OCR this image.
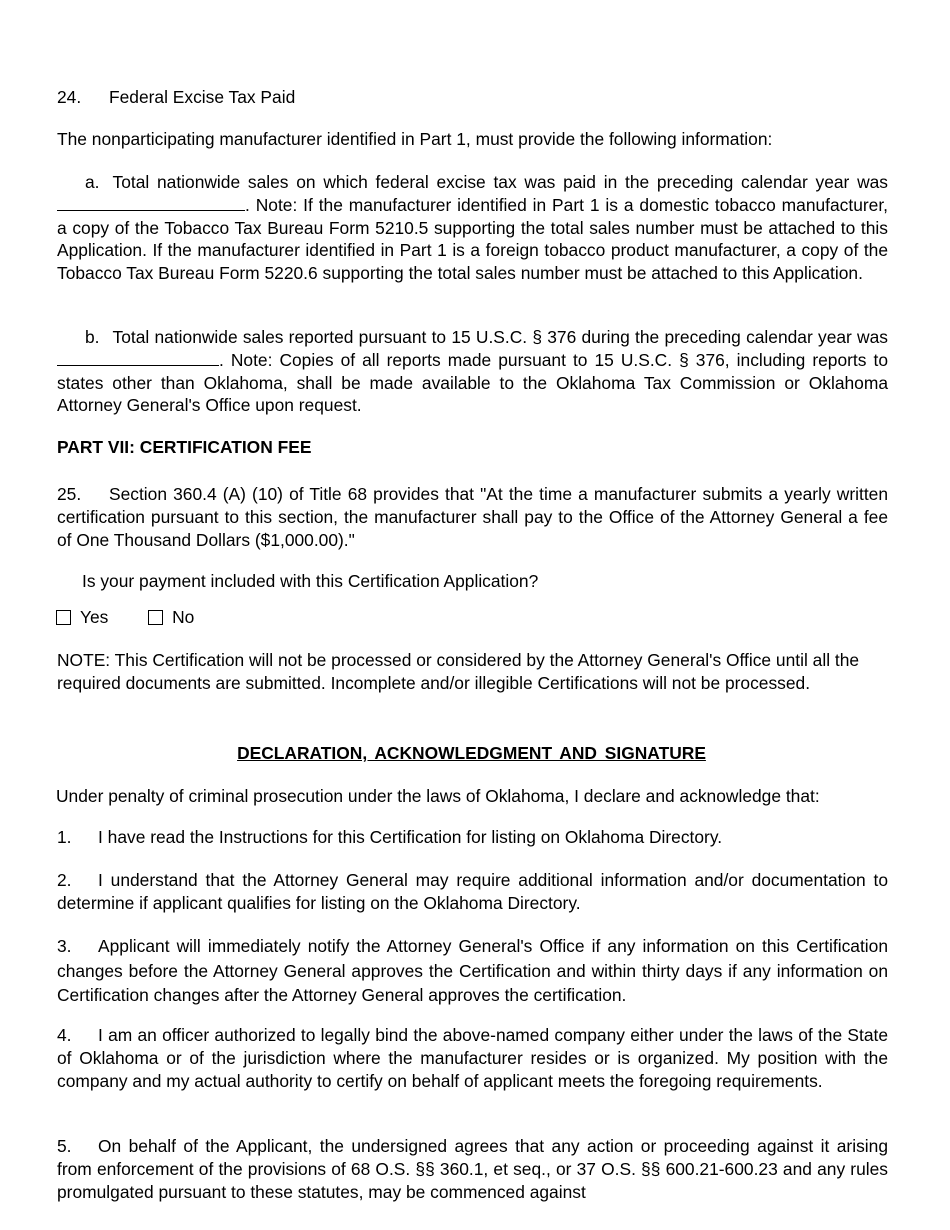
24. Federal Excise Tax Paid
The nonparticipating manufacturer identified in Part 1, must provide the following information:
a. Total nationwide sales on which federal excise tax was paid in the preceding calendar year was . Note: If the manufacturer identified in Part 1 is a domestic tobacco manufacturer, a copy of the Tobacco Tax Bureau Form 5210.5 supporting the total sales number must be attached to this Application. If the manufacturer identified in Part 1 is a foreign tobacco product manufacturer, a copy of the Tobacco Tax Bureau Form 5220.6 supporting the total sales number must be attached to this Application.
b. Total nationwide sales reported pursuant to 15 U.S.C. § 376 during the preceding calendar year was. Note: Copies of all reports made pursuant to 15 U.S.C. § 376, including reports to states other than Oklahoma, shall be made available to the Oklahoma Tax Commission or Oklahoma Attorney General's Office upon request.
PART VII: CERTIFICATION FEE
25. Section 360.4 (A) (10) of Title 68 provides that "At the time a manufacturer submits a yearly written certification pursuant to this section, the manufacturer shall pay to the Office of the Attorney General a fee of One Thousand Dollars ($1,000.00)."
Is your payment included with this Certification Application?
Yes	No
NOTE: This Certification will not be processed or considered by the Attorney General's Office until all the required documents are submitted. Incomplete and/or illegible Certifications will not be processed.
DECLARATION, ACKNOWLEDGMENT AND SIGNATURE
Under penalty of criminal prosecution under the laws of Oklahoma, I declare and acknowledge that:
1. I have read the Instructions for this Certification for listing on Oklahoma Directory.
2. I understand that the Attorney General may require additional information and/or documentation to determine if applicant qualifies for listing on the Oklahoma Directory.
3. Applicant will immediately notify the Attorney General's Office if any information on this Certification changes before the Attorney General approves the Certification and within thirty days if any information on Certification changes after the Attorney General approves the certification.
4. I am an officer authorized to legally bind the above-named company either under the laws of the State of Oklahoma or of the jurisdiction where the manufacturer resides or is organized. My position with the company and my actual authority to certify on behalf of applicant meets the foregoing requirements.
5. On behalf of the Applicant, the undersigned agrees that any action or proceeding against it arising from enforcement of the provisions of 68 O.S. §§ 360.1, et seq., or 37 O.S. §§ 600.21-600.23 and any rules promulgated pursuant to these statutes, may be commenced against
